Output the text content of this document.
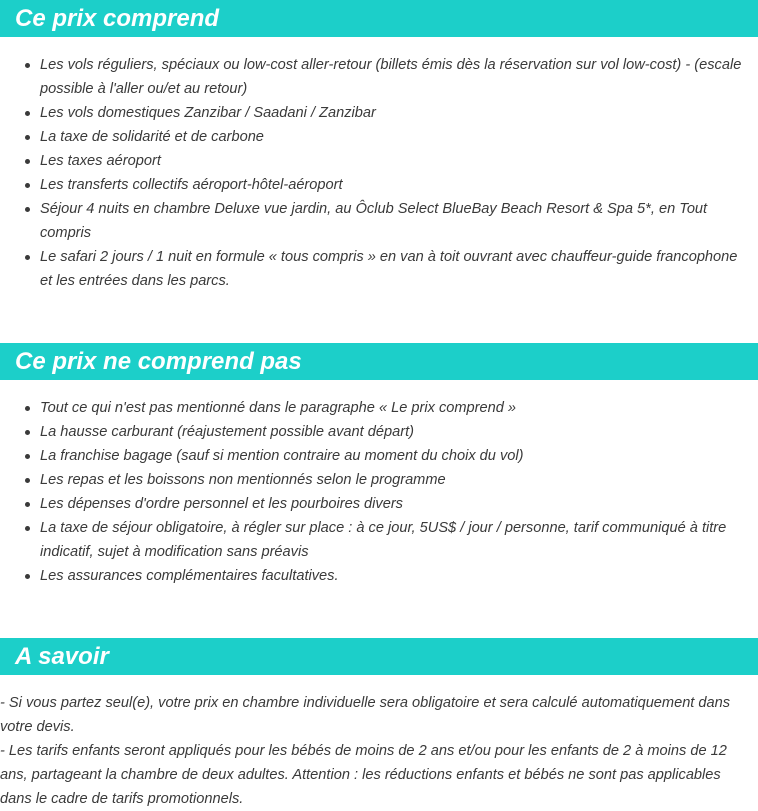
Ce prix comprend
Les vols réguliers, spéciaux ou low-cost aller-retour (billets émis dès la réservation sur vol low-cost) - (escale possible à l'aller ou/et au retour)
Les vols domestiques Zanzibar / Saadani / Zanzibar
La taxe de solidarité et de carbone
Les taxes aéroport
Les transferts collectifs aéroport-hôtel-aéroport
Séjour 4 nuits en chambre Deluxe vue jardin, au Ôclub Select BlueBay Beach Resort & Spa 5*, en Tout compris
Le safari 2 jours / 1 nuit en formule « tous compris » en van à toit ouvrant avec chauffeur-guide francophone et les entrées dans les parcs.
Ce prix ne comprend pas
Tout ce qui n'est pas mentionné dans le paragraphe « Le prix comprend »
La hausse carburant (réajustement possible avant départ)
La franchise bagage (sauf si mention contraire au moment du choix du vol)
Les repas et les boissons non mentionnés selon le programme
Les dépenses d'ordre personnel et les pourboires divers
La taxe de séjour obligatoire, à régler sur place : à ce jour, 5US$ / jour / personne, tarif communiqué à titre indicatif, sujet à modification sans préavis
Les assurances complémentaires facultatives.
A savoir

- Si vous partez seul(e), votre prix en chambre individuelle sera obligatoire et sera calculé automatiquement dans votre devis.

- Les tarifs enfants seront appliqués pour les bébés de moins de 2 ans et/ou pour les enfants de 2 à moins de 12 ans, partageant la chambre de deux adultes. Attention : les réductions enfants et bébés ne sont pas applicables dans le cadre de tarifs promotionnels.
